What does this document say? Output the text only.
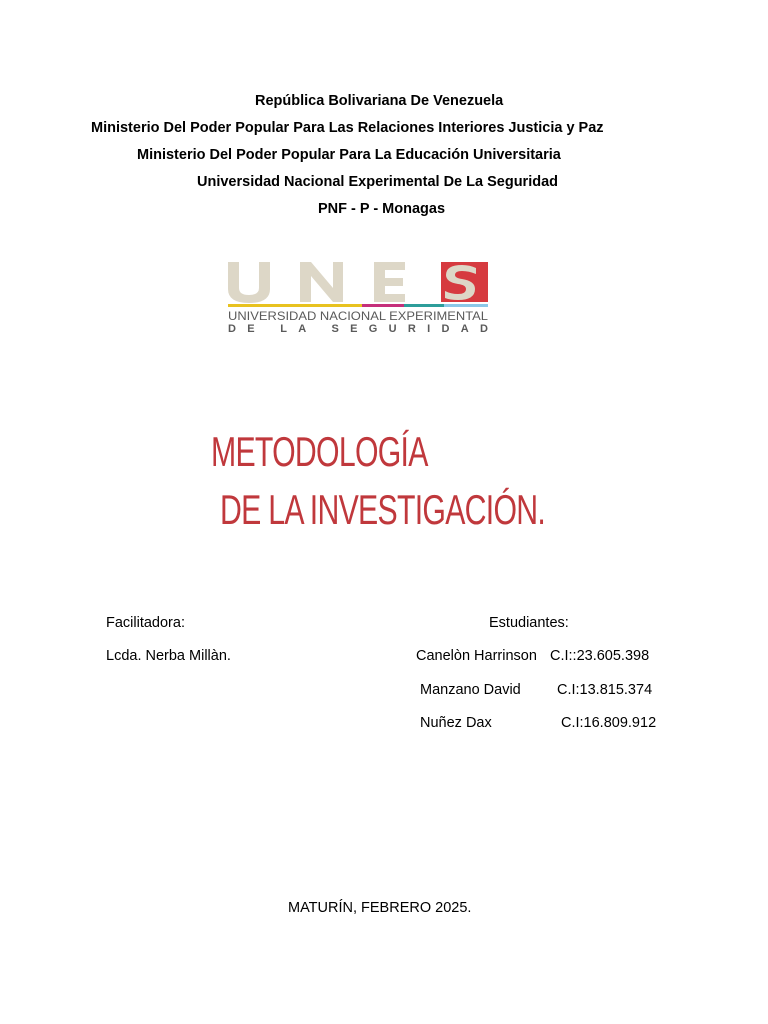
República Bolivariana De Venezuela
Ministerio Del Poder Popular Para Las Relaciones Interiores Justicia y Paz
Ministerio Del Poder Popular Para La Educación Universitaria
Universidad Nacional Experimental De La Seguridad
PNF - P - Monagas
UNIVERSIDAD NACIONAL EXPERIMENTAL
DE LA SEGURIDAD
METODOLOGÍA
DE LA INVESTIGACIÓN.
Facilitadora:
Lcda. Nerba Millàn.
Estudiantes:
Canelòn Harrinson C.I::23.605.398
Manzano David	C.I:13.815.374
Nuñez Dax	C.I:16.809.912
MATURÍN, FEBRERO 2025.
